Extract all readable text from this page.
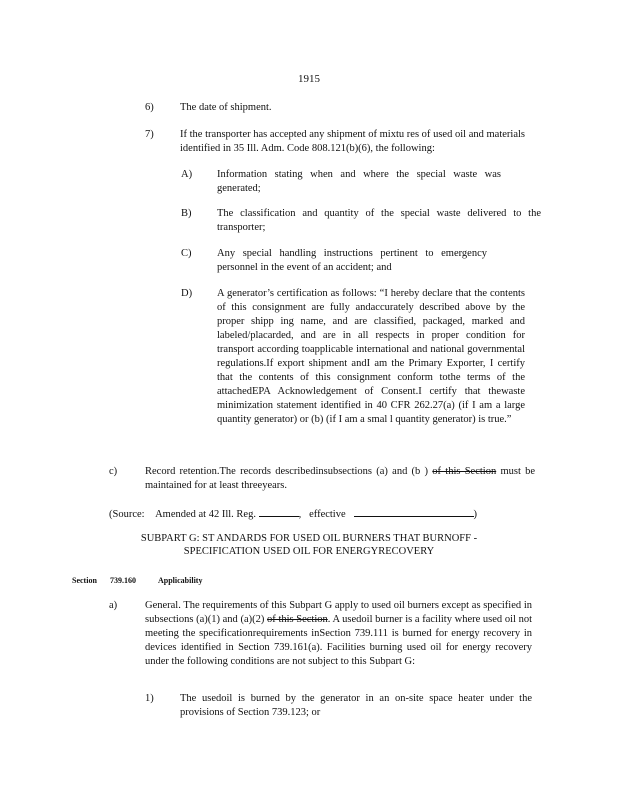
1915
6)	The date of shipment.
7)	If the transporter has accepted any shipment of mixtu res of used oil and materials identified in 35 Ill. Adm. Code 808.121(b)(6), the following:
A) Information stating when and where the special waste was generated;
B) The classification and quantity of the special waste delivered to the transporter;
C) Any special handling instructions pertinent to emergency personnel in the event of an accident; and
D) A generator’s certification as follows: “I hereby declare that the contents of this consignment are fully andaccurately described above by the proper shipp ing name, and are classified, packaged, marked and labeled/placarded, and are in all respects in proper condition for transport according toapplicable international and national governmental regulations.If export shipment andI am the Primary Exporter, I certify that the contents of this consignment conform tothe terms of the attachedEPA Acknowledgement of Consent.I certify that thewaste minimization statement identified in 40 CFR 262.27(a) (if I am a large quantity generator) or (b) (if I am a smal l quantity generator) is true.”
c)	Record retention.The records describedinsubsections (a) and (b ) of this Section must be maintained for at least threeyears.
(Source: Amended at 42 Ill. Reg.	, effective	)
SUBPART G: ST ANDARDS FOR USED OIL BURNERS THAT BURNOFF -
SPECIFICATION USED OIL FOR ENERGYRECOVERY
Section 739.160	Applicability
a)	General. The requirements of this Subpart G apply to used oil burners except as specified in subsections (a)(1) and (a)(2) of this Section. A usedoil burner is a facility where used oil not meeting the specificationrequirements inSection 739.111 is burned for energy recovery in devices identified in Section 739.161(a). Facilities burning used oil for energy recovery under the following conditions are not subject to this Subpart G:
1)	The usedoil is burned by the generator in an on-site space heater under the provisions of Section 739.123; or
